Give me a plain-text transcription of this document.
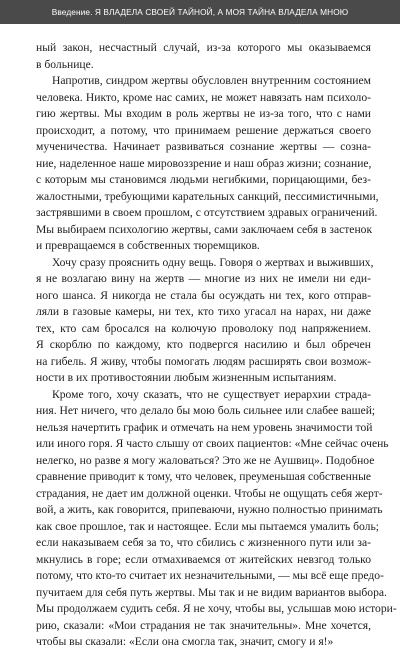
Введение. Я ВЛАДЕЛА СВОЕЙ ТАЙНОЙ, А МОЯ ТАЙНА ВЛАДЕЛА МНОЮ
ный закон, несчастный случай, из-за которого мы оказываемся
в больнице.
Напротив, синдром жертвы обусловлен внутренним состоянием
человека. Никто, кроме нас самих, не может навязать нам психоло-
гию жертвы. Мы входим в роль жертвы не из-за того, что с нами
происходит, а потому, что принимаем решение держаться своего
мученичества. Начинает развиваться сознание жертвы — созна-
ние, наделенное наше мировоззрение и наш образ жизни; сознание,
с которым мы становимся людьми негибкими, порицающими, без-
жалостными, требующими карательных санкций, пессимистичными,
застрявшими в своем прошлом, с отсутствием здравых ограничений.
Мы выбираем психологию жертвы, сами заключаем себя в застенок
и превращаемся в собственных тюремщиков.
Хочу сразу прояснить одну вещь. Говоря о жертвах и выживших,
я не возлагаю вину на жертв — многие из них не имели ни еди-
ного шанса. Я никогда не стала бы осуждать ни тех, кого отправ-
ляли в газовые камеры, ни тех, кто тихо угасал на нарах, ни даже
тех, кто сам бросался на колючую проволоку под напряжением.
Я скорблю по каждому, кто подвергся насилию и был обречен
на гибель. Я живу, чтобы помогать людям расширять свои возмож-
ности в их противостоянии любым жизненным испытаниям.
Кроме того, хочу сказать, что не существует иерархии страда-
ния. Нет ничего, что делало бы мою боль сильнее или слабее вашей;
нельзя начертить график и отмечать на нем уровень значимости той
или иного горя. Я часто слышу от своих пациентов: «Мне сейчас очень
нелегко, но разве я могу жаловаться? Это же не Аушвиц». Подобное
сравнение приводит к тому, что человек, преуменьшая собственные
страдания, не дает им должной оценки. Чтобы не ощущать себя жерт-
вой, а жить, как говорится, припеваючи, нужно полностью принимать
как свое прошлое, так и настоящее. Если мы пытаемся умалить боль;
если наказываем себя за то, что сбились с жизненного пути или за-
мкнулись в горе; если отмахиваемся от житейских невзгод только
потому, что кто-то считает их незначительными, — мы всё еще предо-
пучитаем для себя путь жертвы. Мы так и не видим вариантов выбора.
Мы продолжаем судить себя. Я не хочу, чтобы вы, услышав мою истори-
рию, сказали: «Мои страдания не так значительны». Мне хочется,
чтобы вы сказали: «Если она смогла так, значит, смогу и я!»
